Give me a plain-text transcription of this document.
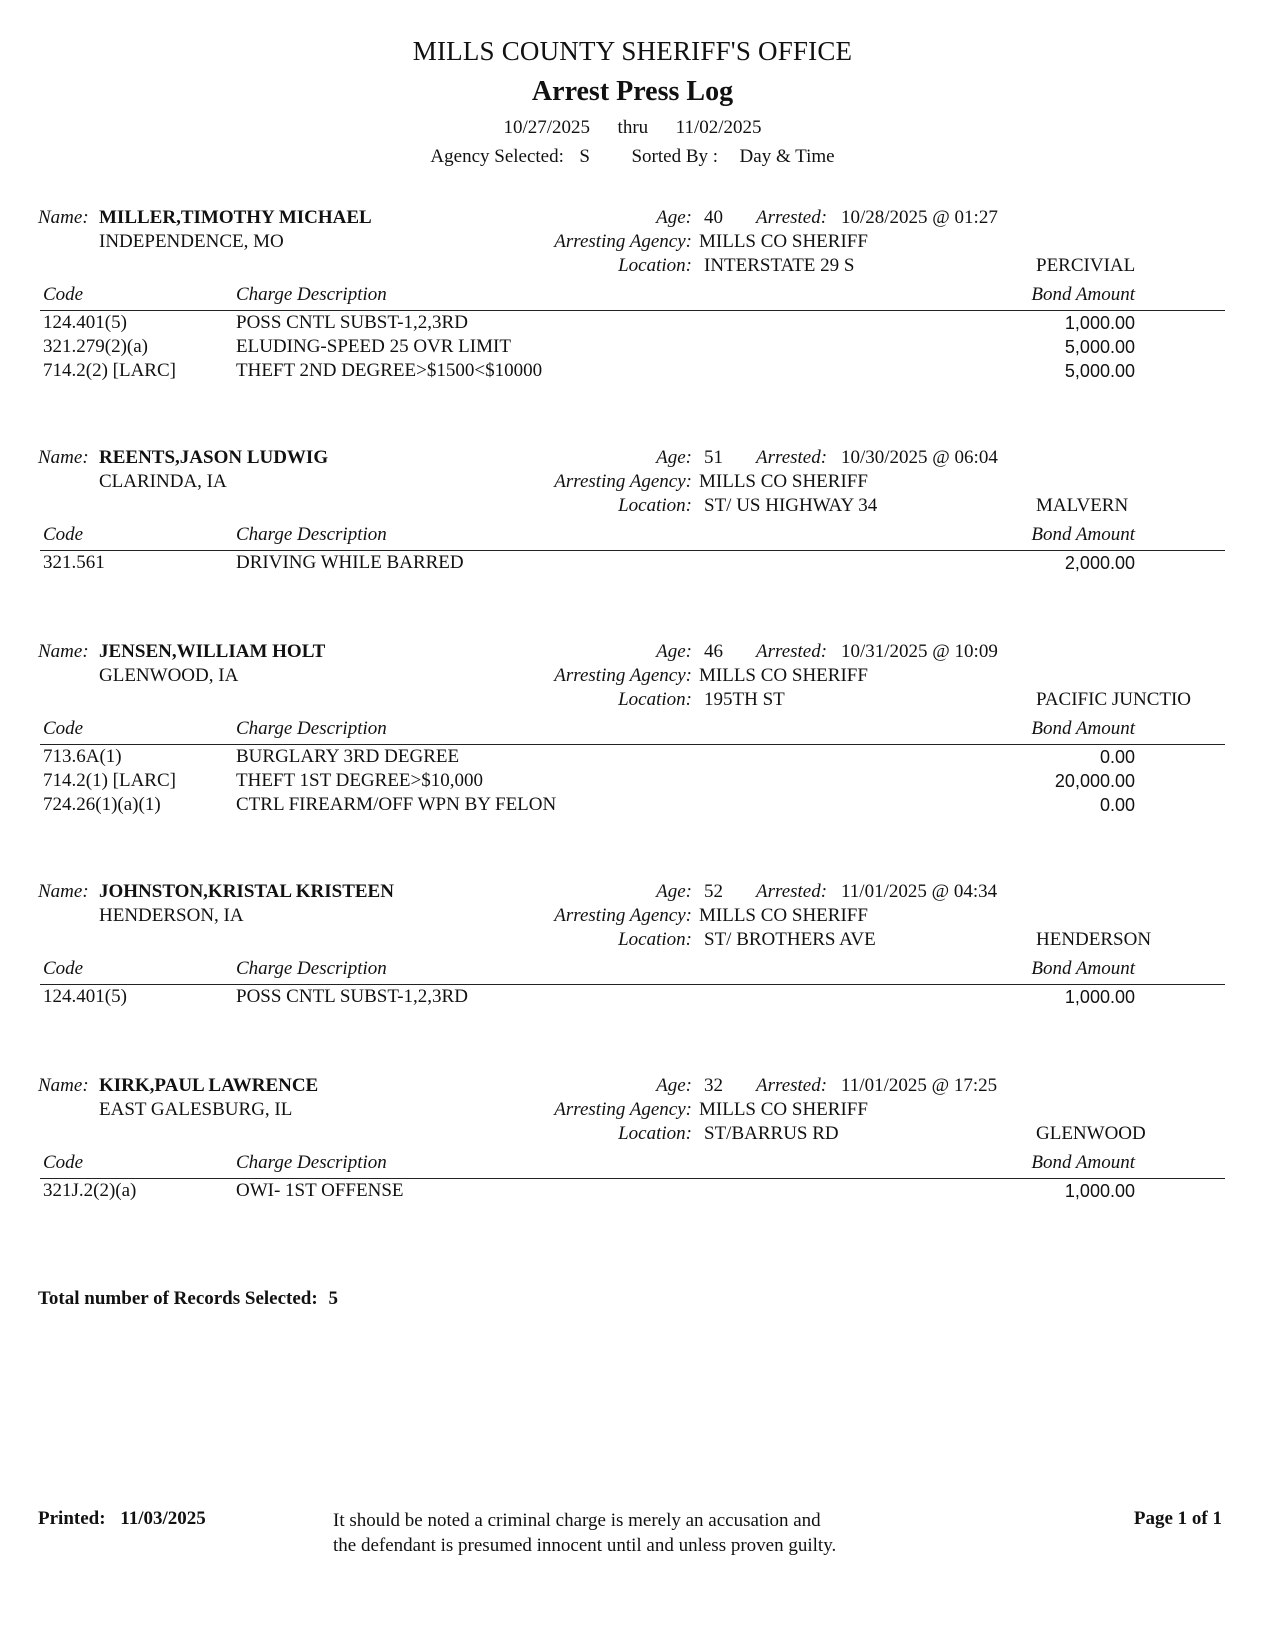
MILLS COUNTY SHERIFF'S OFFICE
Arrest Press Log
10/27/2025 thru 11/02/2025
Agency Selected: S Sorted By : Day & Time
Name: MILLER,TIMOTHY MICHAEL
INDEPENDENCE, MO
Age: 40 Arrested: 10/28/2025 @ 01:27
Arresting Agency: MILLS CO SHERIFF
Location: INTERSTATE 29 S	PERCIVIAL
Code	Charge Description	Bond Amount
124.401(5)	POSS CNTL SUBST-1,2,3RD	1,000.00
321.279(2)(a)	ELUDING-SPEED 25 OVR LIMIT	5,000.00
714.2(2) [LARC]	THEFT 2ND DEGREE>$1500<$10000	5,000.00
Name: REENTS,JASON LUDWIG
CLARINDA, IA
Age: 51 Arrested: 10/30/2025 @ 06:04
Arresting Agency: MILLS CO SHERIFF
Location: ST/ US HIGHWAY 34	MALVERN
Code	Charge Description	Bond Amount
321.561	DRIVING WHILE BARRED	2,000.00
Name: JENSEN,WILLIAM HOLT
GLENWOOD, IA
Age: 46 Arrested: 10/31/2025 @ 10:09
Arresting Agency: MILLS CO SHERIFF
Location: 195TH ST	PACIFIC JUNCTIO
Code	Charge Description	Bond Amount
713.6A(1)	BURGLARY 3RD DEGREE	0.00
714.2(1) [LARC]	THEFT 1ST DEGREE>$10,000	20,000.00
724.26(1)(a)(1)	CTRL FIREARM/OFF WPN BY FELON	0.00
Name: JOHNSTON,KRISTAL KRISTEEN
HENDERSON, IA
Age: 52 Arrested: 11/01/2025 @ 04:34
Arresting Agency: MILLS CO SHERIFF
Location: ST/ BROTHERS AVE	HENDERSON
Code	Charge Description	Bond Amount
124.401(5)	POSS CNTL SUBST-1,2,3RD	1,000.00
Name: KIRK,PAUL LAWRENCE
EAST GALESBURG, IL
Age: 32 Arrested: 11/01/2025 @ 17:25
Arresting Agency: MILLS CO SHERIFF
Location: ST/BARRUS RD	GLENWOOD
Code	Charge Description	Bond Amount
321J.2(2)(a)	OWI- 1ST OFFENSE	1,000.00
Total number of Records Selected: 5
Printed: 11/03/2025	It should be noted a criminal charge is merely an accusation and
the defendant is presumed innocent until and unless proven guilty.
Page 1 of 1
